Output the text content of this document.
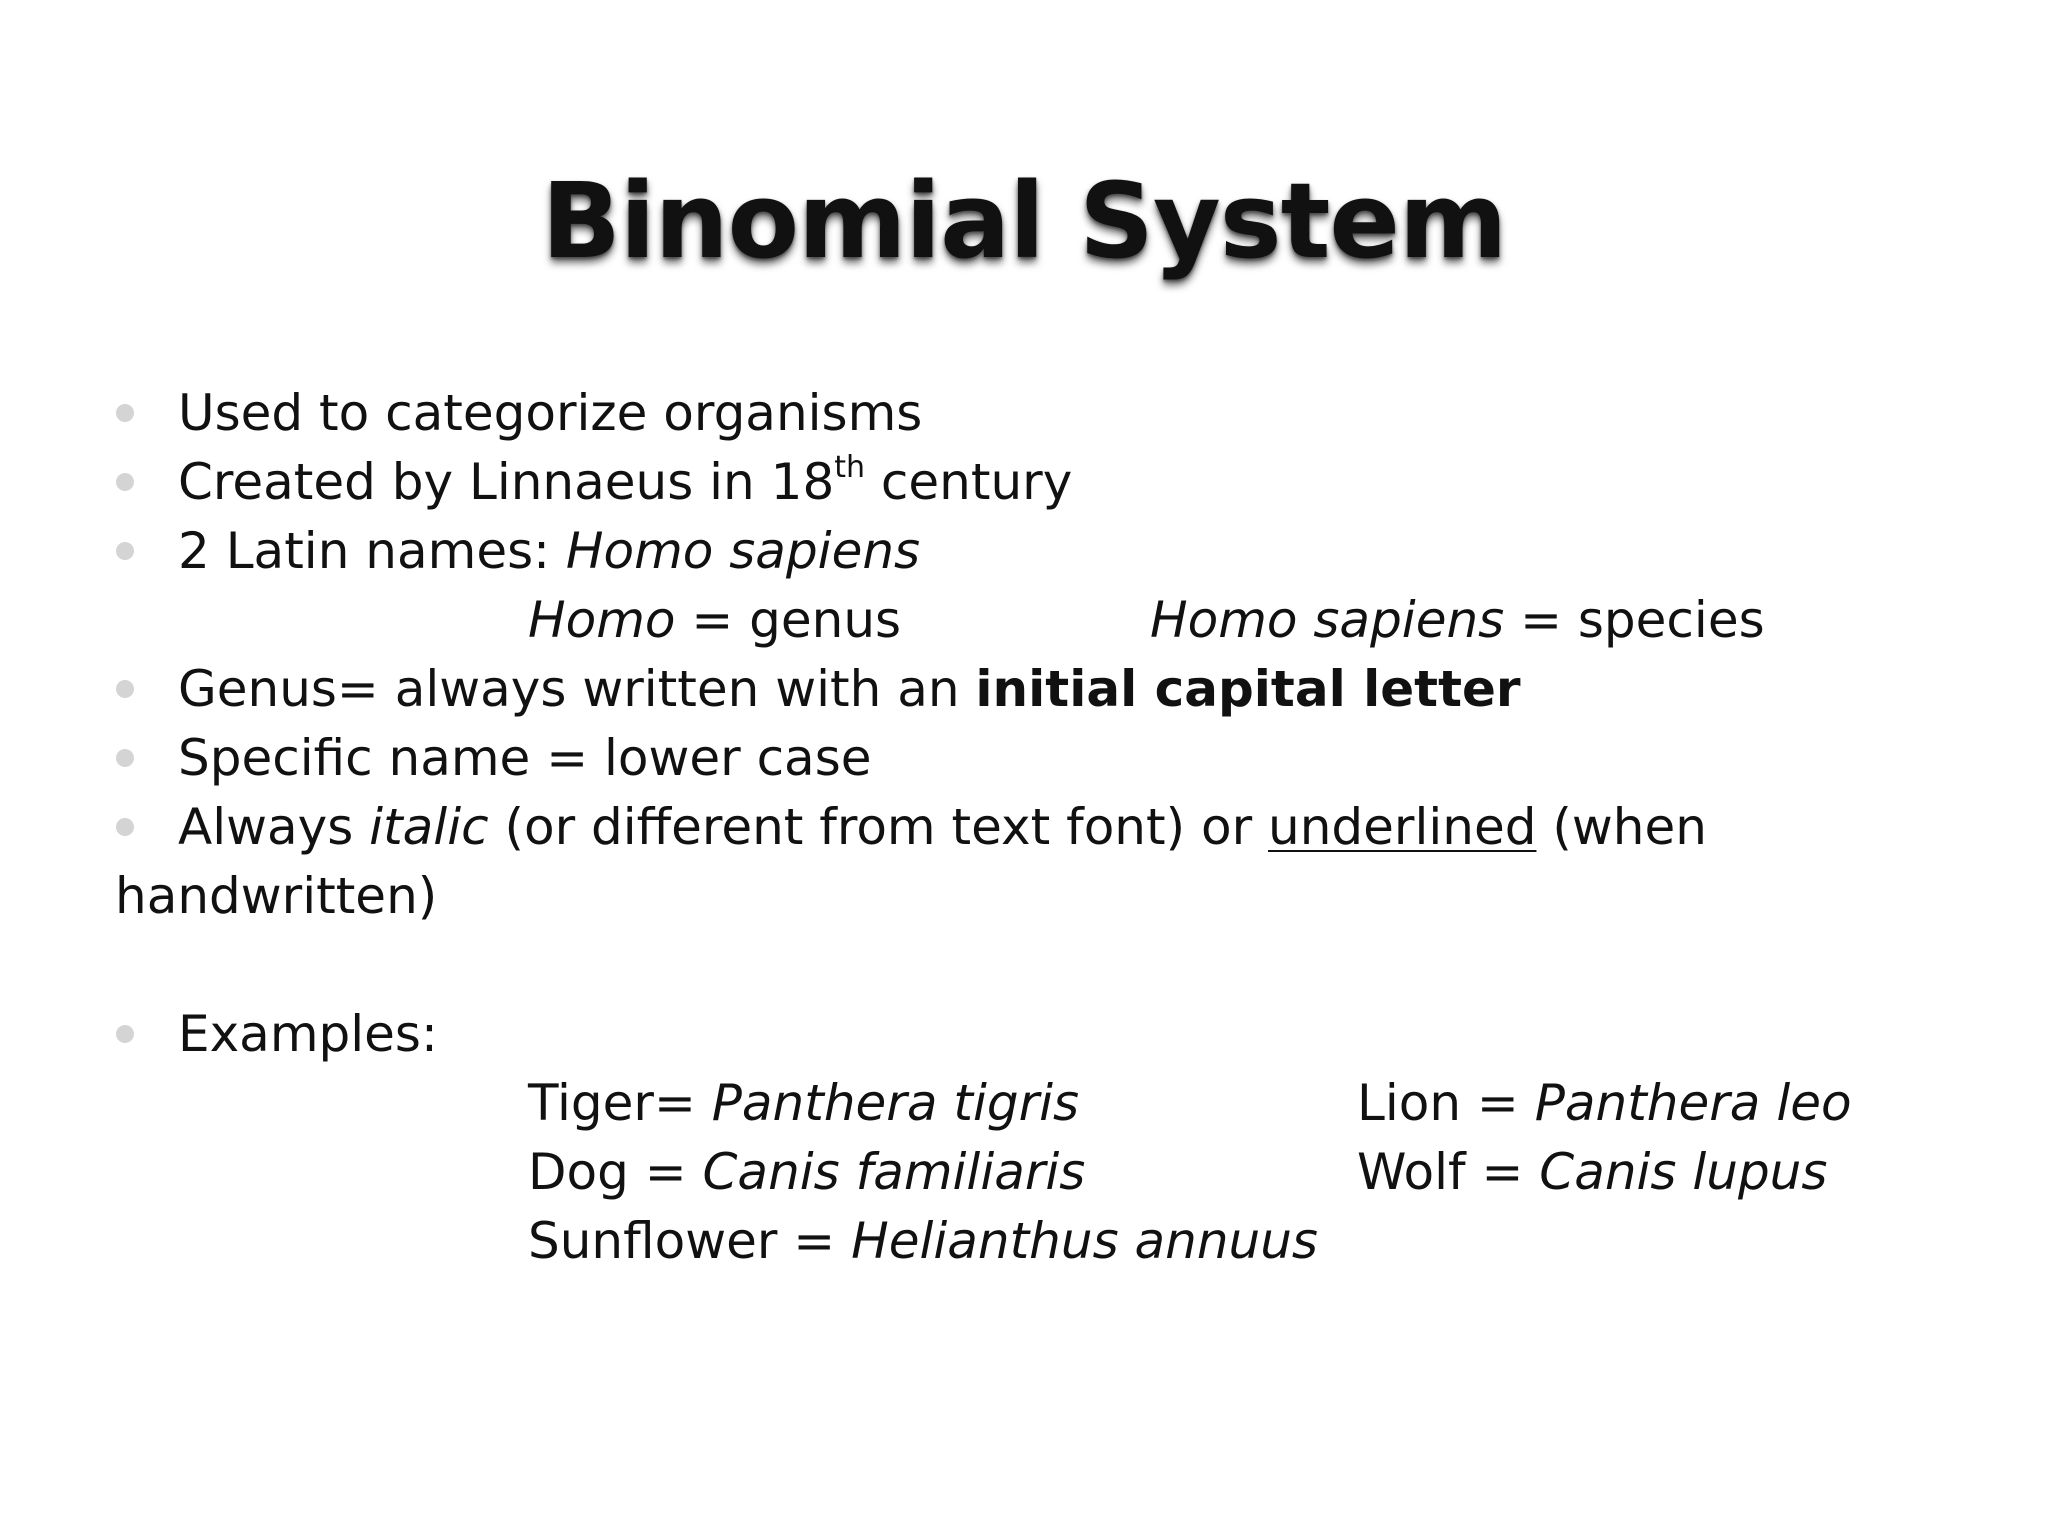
Binomial System
Used to categorize organisms
Created by Linnaeus in 18th century
2 Latin names: Homo sapiens
Homo = genus	Homo sapiens = species
Genus= always written with an initial capital letter
Specific name = lower case
Always italic (or different from text font) or underlined (when
handwritten)
Examples:
Tiger= Panthera tigris	Lion = Panthera leo
Dog = Canis familiaris	Wolf = Canis lupus
Sunflower = Helianthus annuus
